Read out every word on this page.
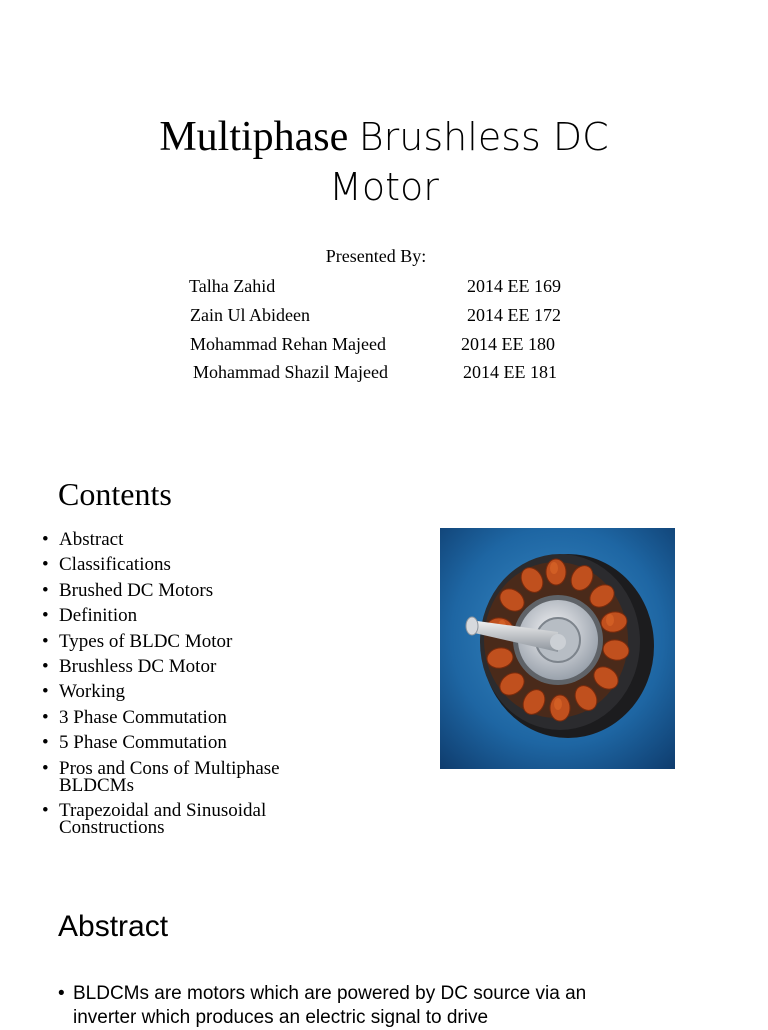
Multiphase Brushless DC
Motor
Presented By:
Talha Zahid	2014 EE 169
Zain Ul Abideen	2014 EE 172
Mohammad Rehan Majeed	2014 EE 180
Mohammad Shazil Majeed	2014 EE 181
Contents
• Abstract
• Classifications
• Brushed DC Motors
• Definition
• Types of BLDC Motor
• Brushless DC Motor
• Working
• 3 Phase Commutation
• 5 Phase Commutation
• Pros and Cons of Multiphase BLDCMs
• Trapezoidal and Sinusoidal Constructions
Abstract
• BLDCMs are motors which are powered by DC source via an inverter which produces an electric signal to drive
